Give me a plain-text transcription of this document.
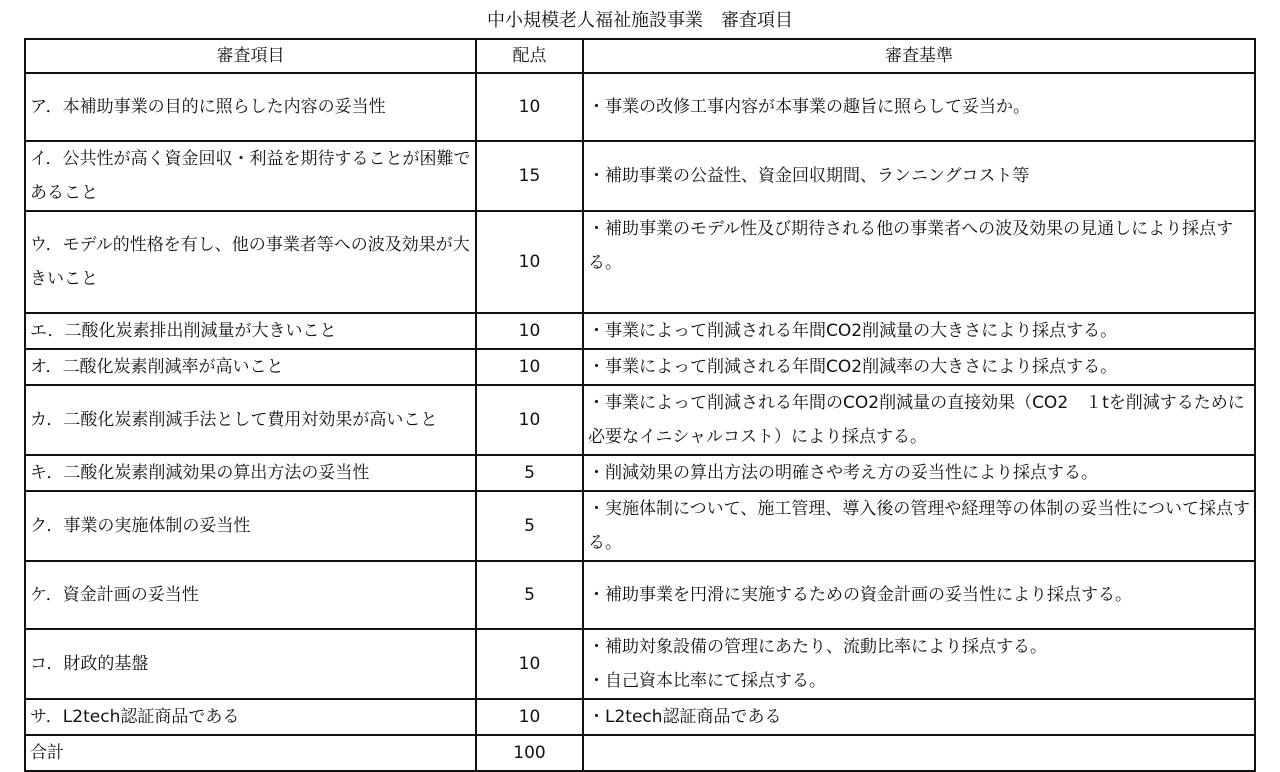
中小規模老人福祉施設事業　審査項目
審査項目	配点	審査基準
ア．本補助事業の目的に照らした内容の妥当性	10	・事業の改修工事内容が本事業の趣旨に照らして妥当か。
イ．公共性が高く資金回収・利益を期待することが困難であること	15	・補助事業の公益性、資金回収期間、ランニングコスト等
ウ．モデル的性格を有し、他の事業者等への波及効果が大きいこと	10	・補助事業のモデル性及び期待される他の事業者への波及効果の見通しにより採点する。
エ．二酸化炭素排出削減量が大きいこと	10	・事業によって削減される年間CO2削減量の大きさにより採点する。
オ．二酸化炭素削減率が高いこと	10	・事業によって削減される年間CO2削減率の大きさにより採点する。
カ．二酸化炭素削減手法として費用対効果が高いこと	10	・事業によって削減される年間のCO2削減量の直接効果（CO2　１tを削減するために必要なイニシャルコスト）により採点する。
キ．二酸化炭素削減効果の算出方法の妥当性	5	・削減効果の算出方法の明確さや考え方の妥当性により採点する。
ク．事業の実施体制の妥当性	5	・実施体制について、施工管理、導入後の管理や経理等の体制の妥当性について採点する。
ケ．資金計画の妥当性	5	・補助事業を円滑に実施するための資金計画の妥当性により採点する。
コ．財政的基盤	10	・補助対象設備の管理にあたり、流動比率により採点する。
・自己資本比率にて採点する。

サ．L2tech認証商品である	10	・L2tech認証商品である
合計	100	
